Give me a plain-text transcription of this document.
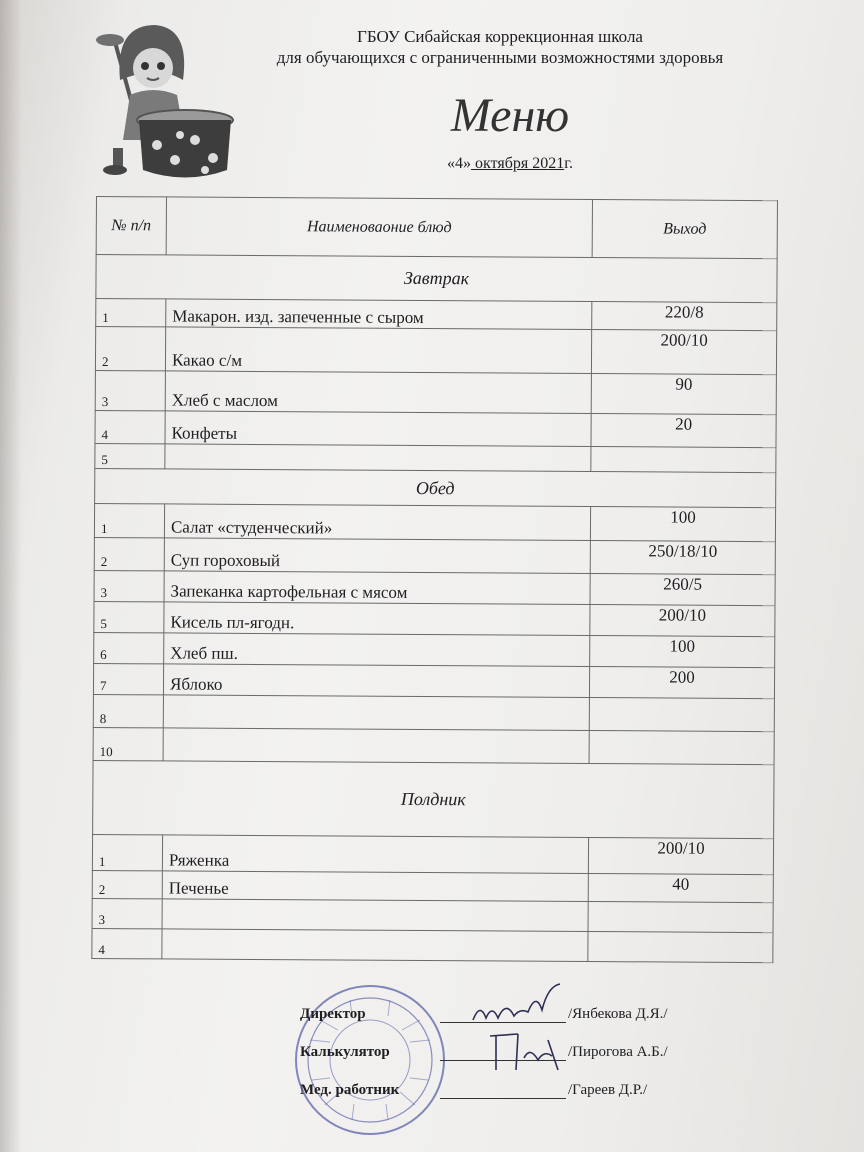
ГБОУ Сибайская коррекционная школа
для обучающихся с ограниченными возможностями здоровья
Меню
«4» октября 2021г.
№ п/п	Наименоваоние блюд	Выход
Завтрак		
1	Макарон. изд. запеченные с сыром	220/8
2	Какао с/м	200/10
3	Хлеб с маслом	90
4	Конфеты	20
5		
Обед		
1	Салат «студенческий»	100
2	Суп гороховый	250/18/10
3	Запеканка картофельная с мясом	260/5
5	Кисель пл-ягодн.	200/10
6	Хлеб пш.	100
7	Яблоко	200
8		
10		
Полдник		
1	Ряженка	200/10
2	Печенье	40
3		
4		
Директор	/Янбекова Д.Я./
Калькулятор	/Пирогова А.Б./
Мед. работник	/Гареев Д.Р./
